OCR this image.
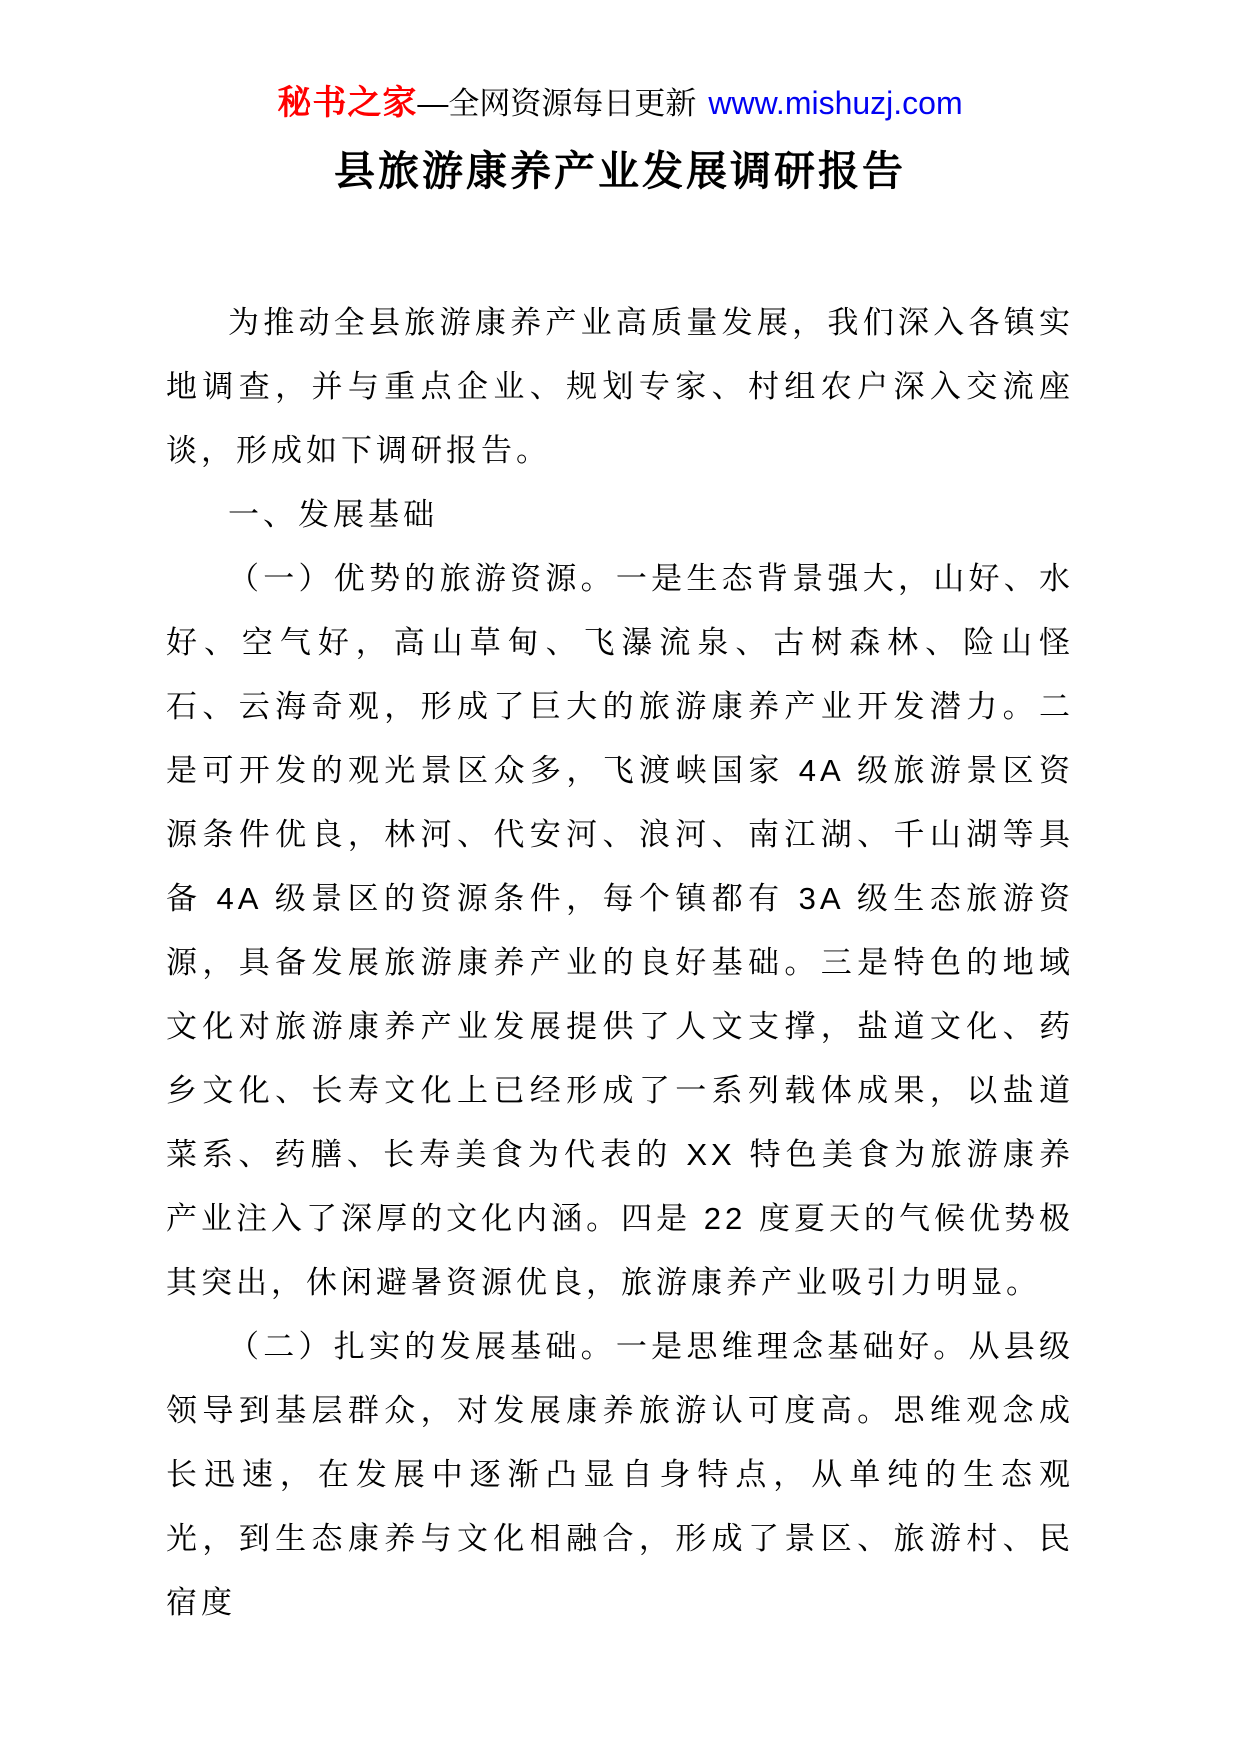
秘书之家—全网资源每日更新 www.mishuzj.com
县旅游康养产业发展调研报告

为推动全县旅游康养产业高质量发展，我们深入各镇实地调查，并与重点企业、规划专家、村组农户深入交流座谈，形成如下调研报告。

一、发展基础

（一）优势的旅游资源。一是生态背景强大，山好、水好、空气好，高山草甸、飞瀑流泉、古树森林、险山怪石、云海奇观，形成了巨大的旅游康养产业开发潜力。二是可开发的观光景区众多，飞渡峡国家 4A 级旅游景区资源条件优良，林河、代安河、浪河、南江湖、千山湖等具备 4A 级景区的资源条件，每个镇都有 3A 级生态旅游资源，具备发展旅游康养产业的良好基础。三是特色的地域文化对旅游康养产业发展提供了人文支撑，盐道文化、药乡文化、长寿文化上已经形成了一系列载体成果，以盐道菜系、药膳、长寿美食为代表的 XX 特色美食为旅游康养产业注入了深厚的文化内涵。四是 22 度夏天的气候优势极其突出，休闲避暑资源优良，旅游康养产业吸引力明显。

（二）扎实的发展基础。一是思维理念基础好。从县级领导到基层群众，对发展康养旅游认可度高。思维观念成长迅速，在发展中逐渐凸显自身特点，从单纯的生态观光，到生态康养与文化相融合，形成了景区、旅游村、民宿度
